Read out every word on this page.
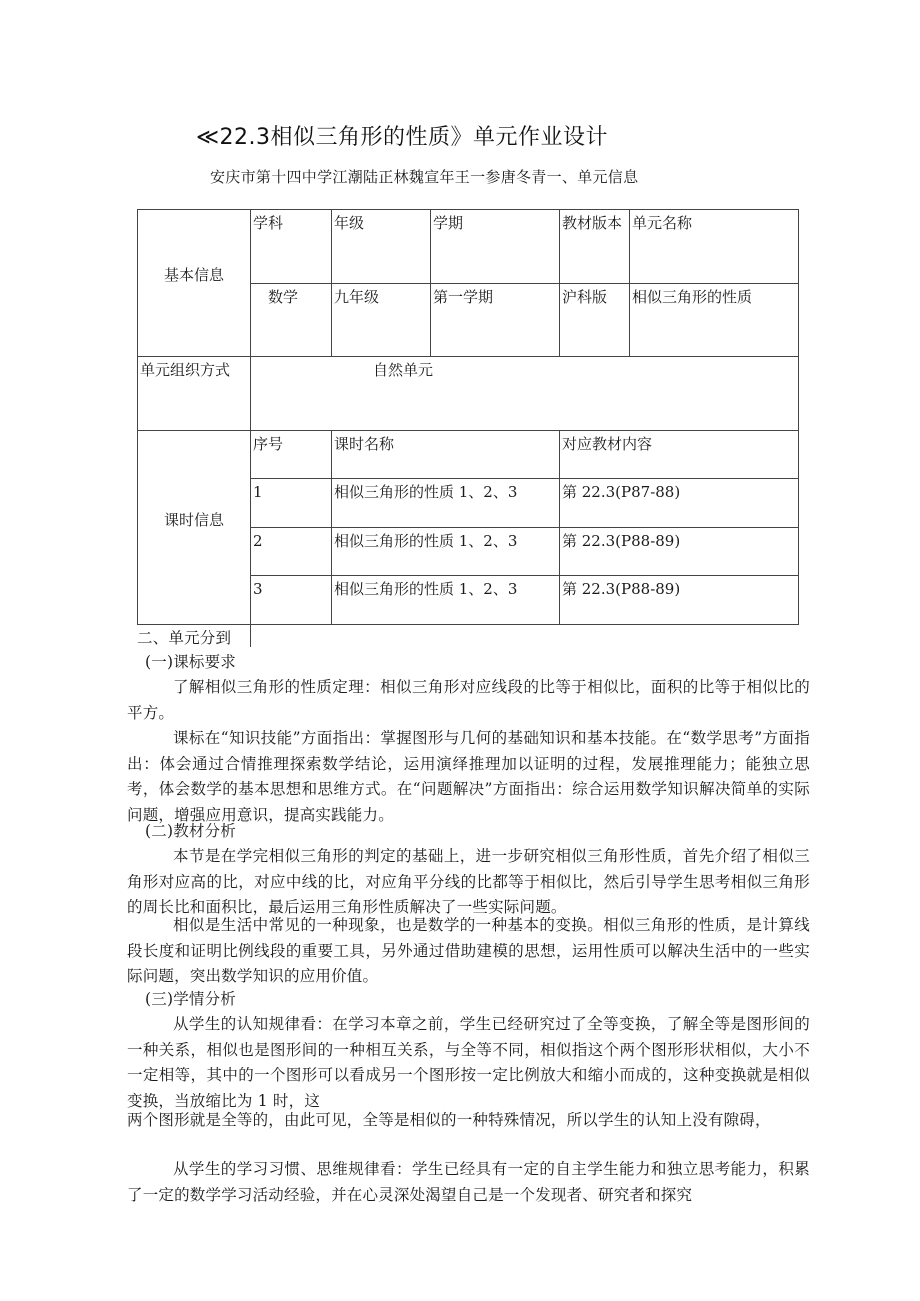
≪22.3相似三角形的性质》单元作业设计
安庆市第十四中学江潮陆正林魏宣年王一参唐冬青一、单元信息
基本信息	学科	年级	学期	教材版本	单元名称
	数学	九年级	第一学期	沪科版	相似三角形的性质
单元组织方式	自然单元				
课时信息	序号	课时名称		对应教材内容	
	1	相似三角形的性质 1、2、3		第 22.3(P87-88)	
	2	相似三角形的性质 1、2、3		第 22.3(P88-89)	
	3	相似三角形的性质 1、2、3		第 22.3(P88-89)	
二、单元分到
(一)课标要求

了解相似三角形的性质定理：相似三角形对应线段的比等于相似比，面积的比等于相似比的平方。

课标在“知识技能”方面指出：掌握图形与几何的基础知识和基本技能。在“数学思考”方面指出：体会通过合情推理探索数学结论，运用演绎推理加以证明的过程，发展推理能力；能独立思考，体会数学的基本思想和思维方式。在“问题解决”方面指出：综合运用数学知识解决简单的实际问题，增强应用意识，提高实践能力。

(二)教材分析

本节是在学完相似三角形的判定的基础上，进一步研究相似三角形性质，首先介绍了相似三角形对应高的比，对应中线的比，对应角平分线的比都等于相似比，然后引导学生思考相似三角形的周长比和面积比，最后运用三角形性质解决了一些实际问题。

相似是生活中常见的一种现象，也是数学的一种基本的变换。相似三角形的性质，是计算线段长度和证明比例线段的重要工具，另外通过借助建模的思想，运用性质可以解决生活中的一些实际问题，突出数学知识的应用价值。

(三)学情分析

从学生的认知规律看：在学习本章之前，学生已经研究过了全等变换，了解全等是图形间的一种关系，相似也是图形间的一种相互关系，与全等不同，相似指这个两个图形形状相似，大小不一定相等，其中的一个图形可以看成另一个图形按一定比例放大和缩小而成的，这种变换就是相似变换，当放缩比为 1 时，这

两个图形就是全等的，由此可见，全等是相似的一种特殊情况，所以学生的认知上没有隙碍，

从学生的学习习惯、思维规律看：学生已经具有一定的自主学生能力和独立思考能力，积累了一定的数学学习活动经验，并在心灵深处渴望自己是一个发现者、研究者和探究
